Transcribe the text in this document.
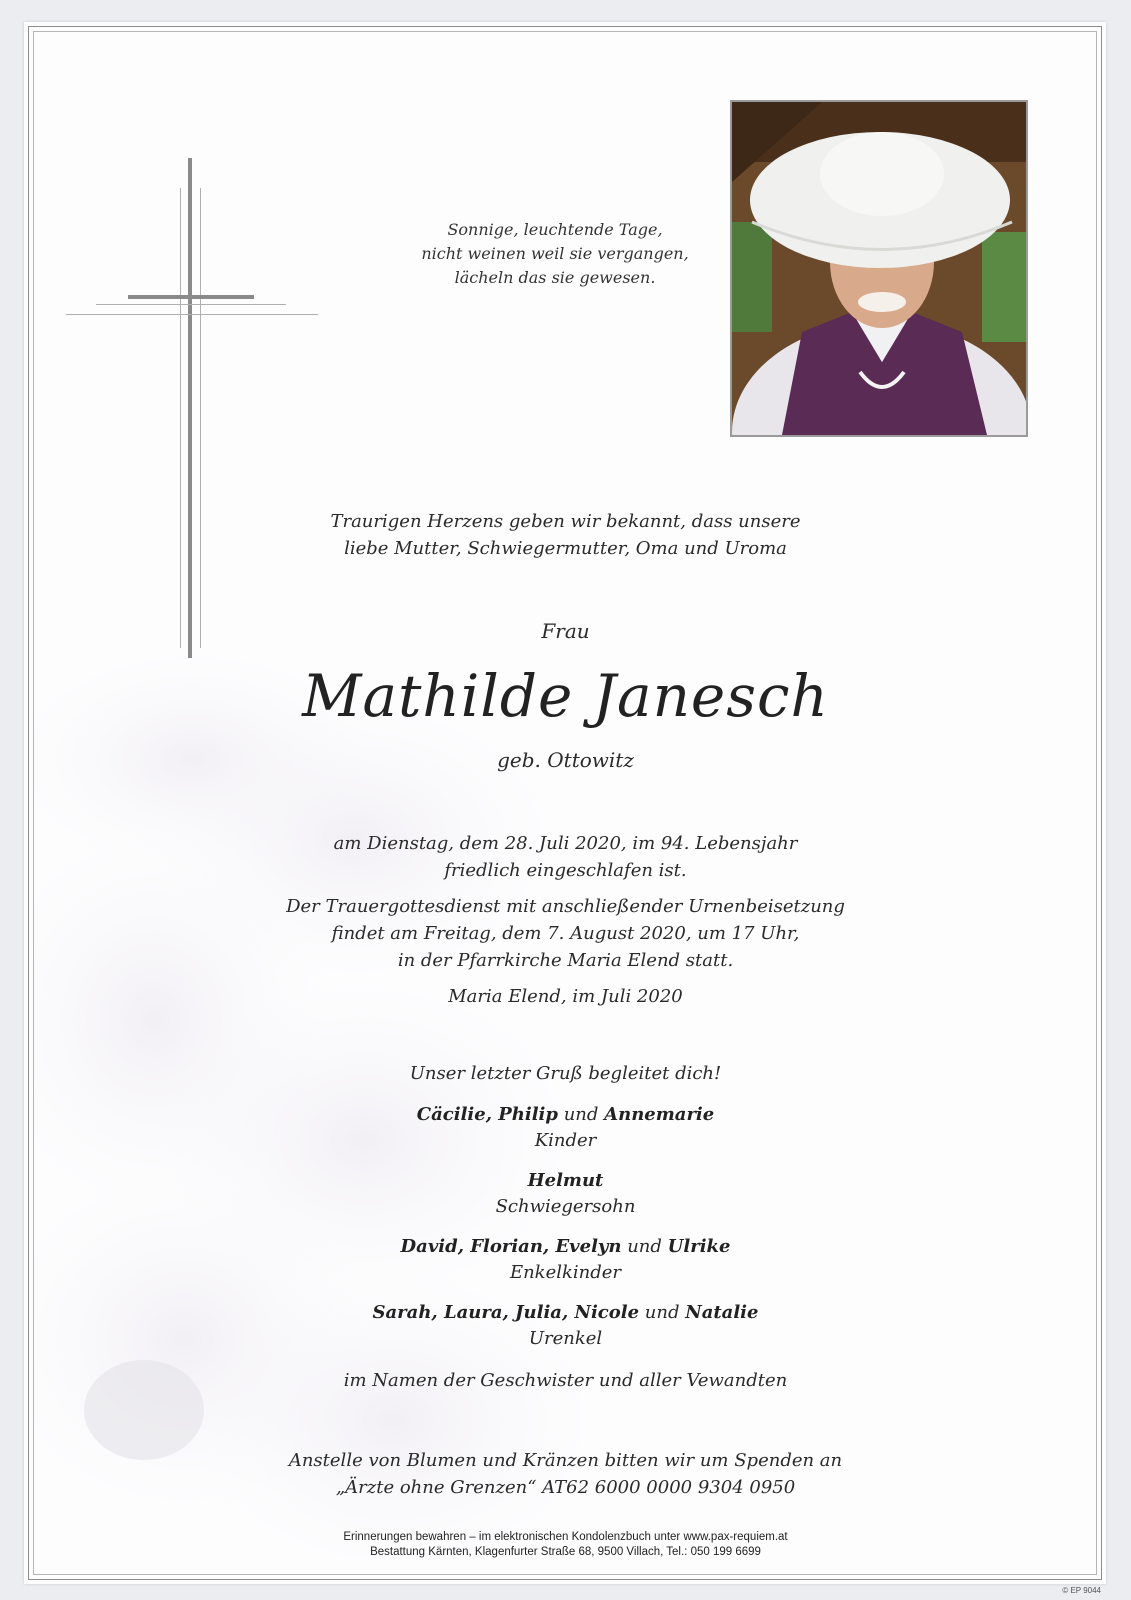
Sonnige, leuchtende Tage,
nicht weinen weil sie vergangen,
lächeln das sie gewesen.
Traurigen Herzens geben wir bekannt, dass unsere
liebe Mutter, Schwiegermutter, Oma und Uroma
Frau
Mathilde Janesch
geb. Ottowitz
am Dienstag, dem 28. Juli 2020, im 94. Lebensjahr
friedlich eingeschlafen ist.
Der Trauergottesdienst mit anschließender Urnenbeisetzung
findet am Freitag, dem 7. August 2020, um 17 Uhr,
in der Pfarrkirche Maria Elend statt.
Maria Elend, im Juli 2020
Unser letzter Gruß begleitet dich!
Cäcilie, Philip und Annemarie
Kinder
Helmut
Schwiegersohn
David, Florian, Evelyn und Ulrike
Enkelkinder
Sarah, Laura, Julia, Nicole und Natalie
Urenkel
im Namen der Geschwister und aller Vewandten
Anstelle von Blumen und Kränzen bitten wir um Spenden an
„Ärzte ohne Grenzen“ AT62 6000 0000 9304 0950
Erinnerungen bewahren – im elektronischen Kondolenzbuch unter www.pax-requiem.at
Bestattung Kärnten, Klagenfurter Straße 68, 9500 Villach, Tel.: 050 199 6699
© EP 9044
